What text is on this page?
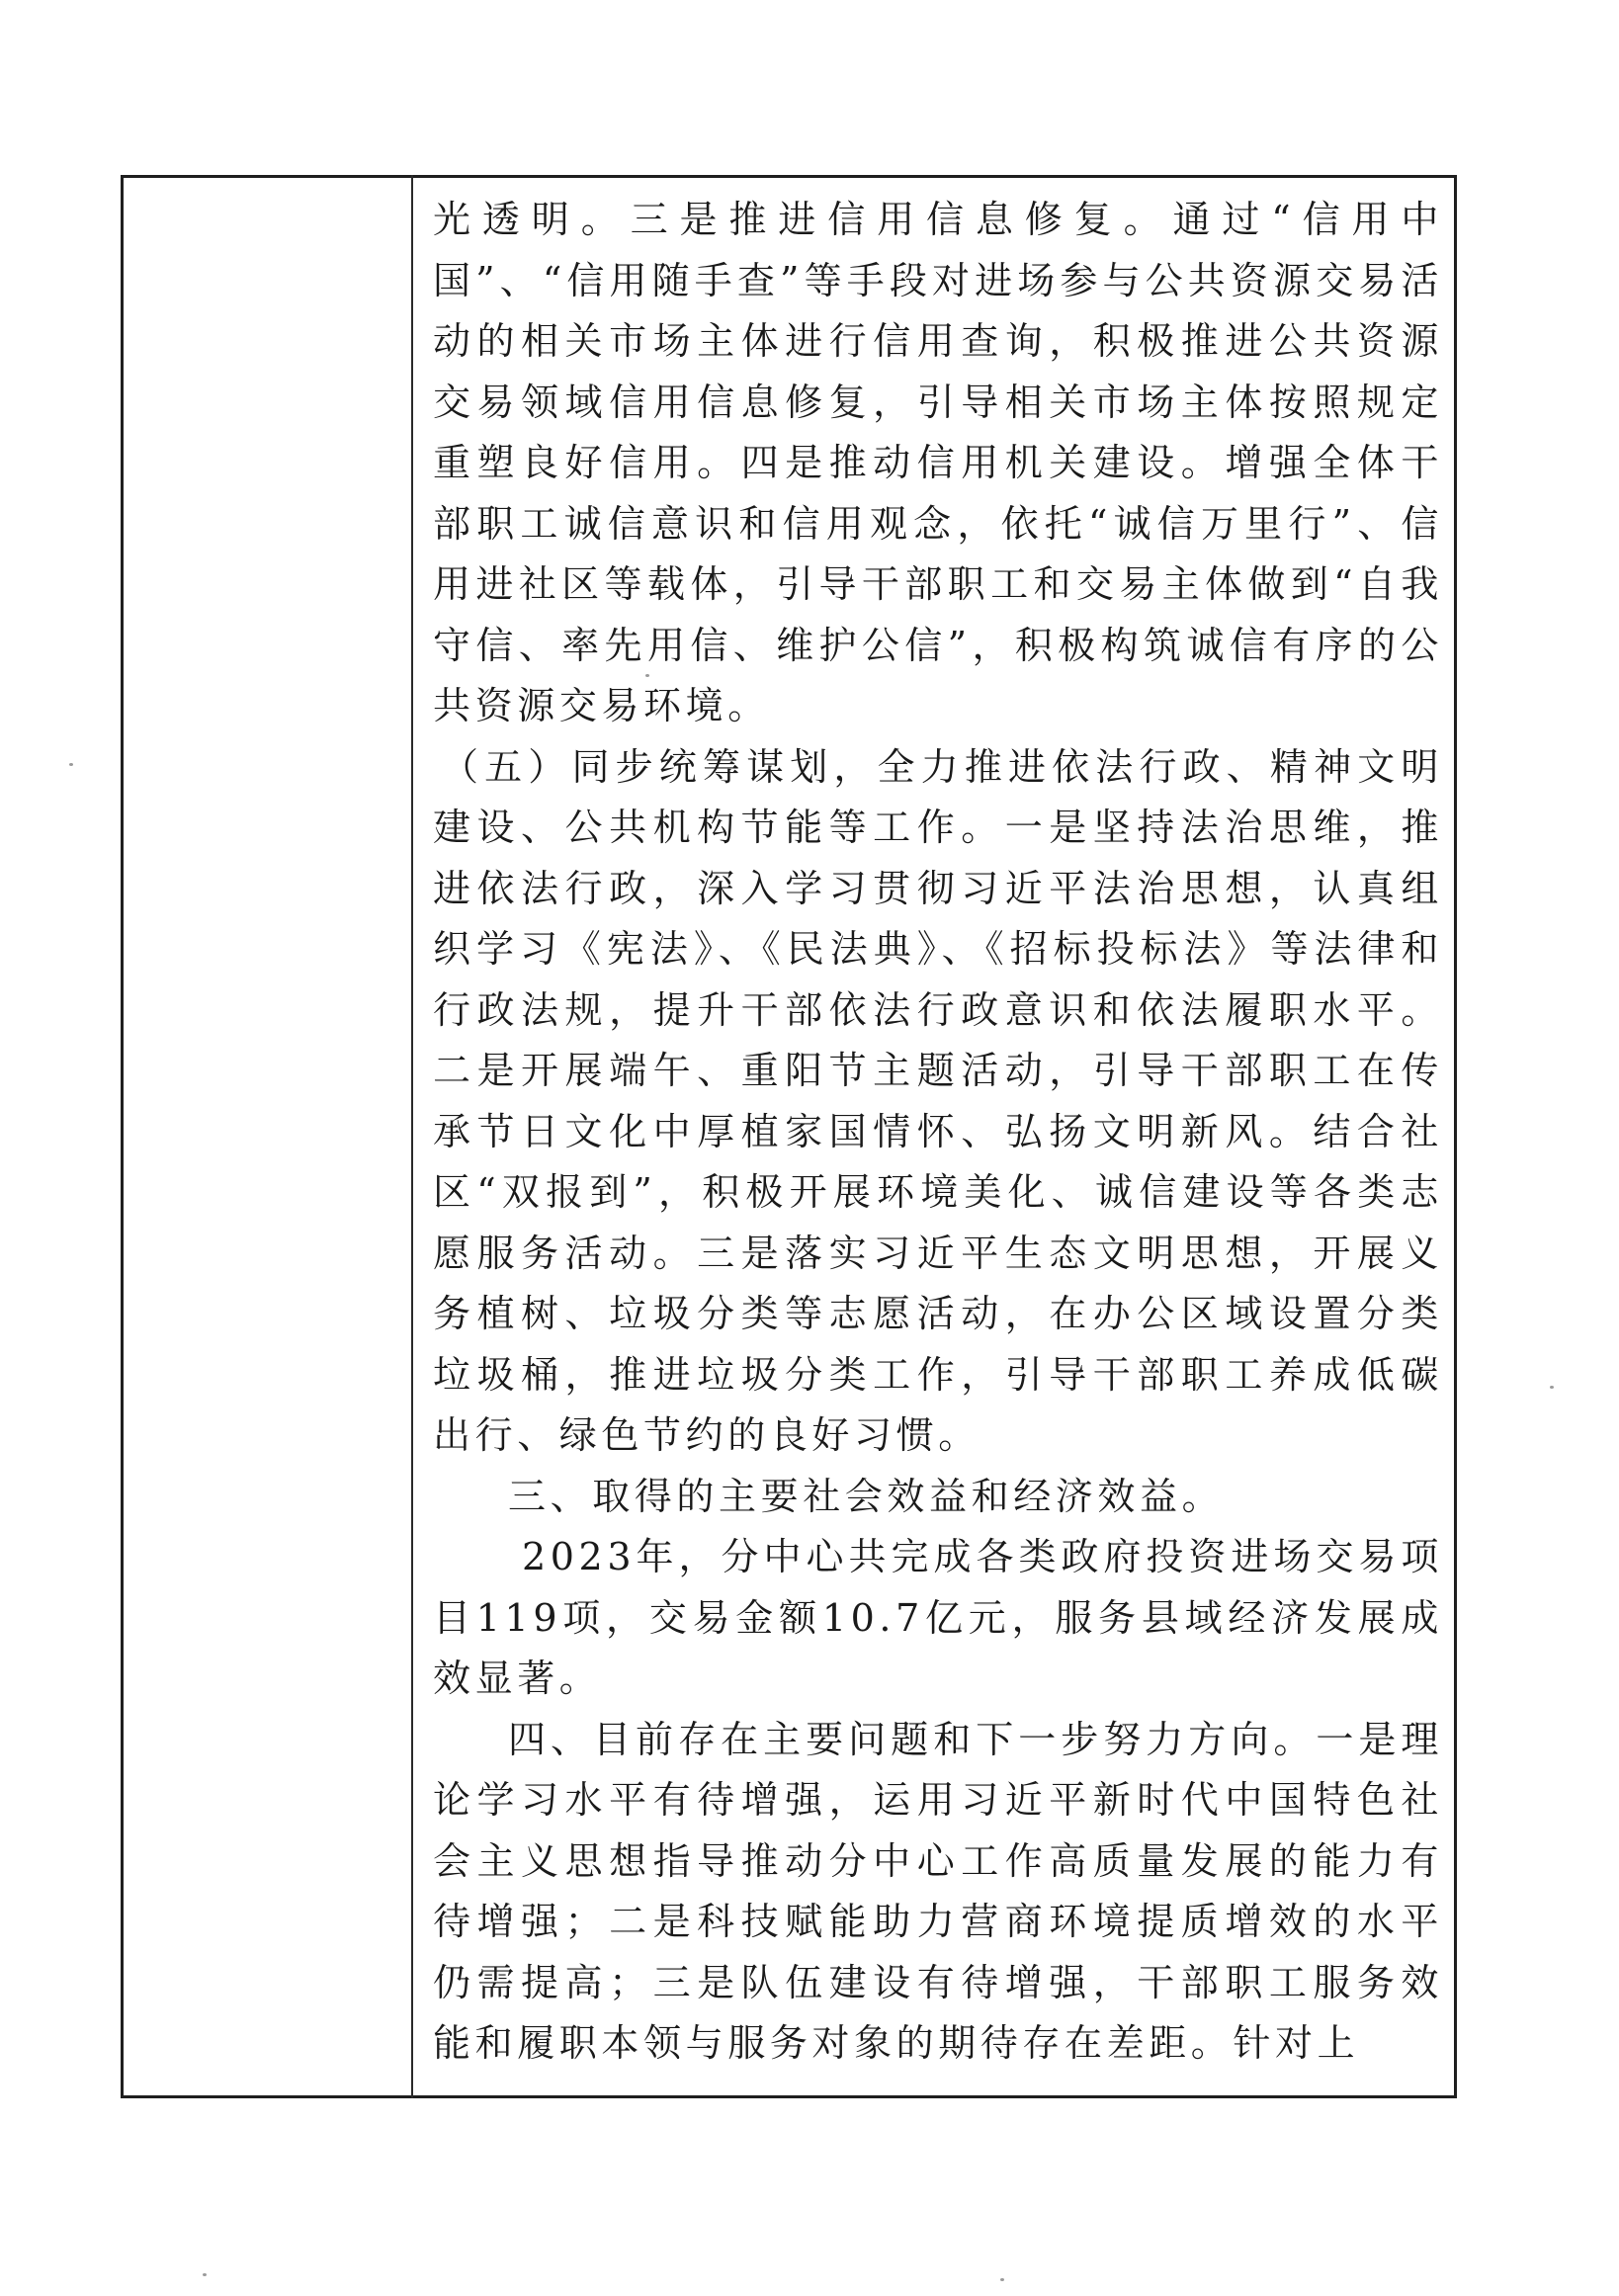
光透明。三是推进信用信息修复。通过“信用中国”、“信用随手查”等手段对进场参与公共资源交易活动的相关市场主体进行信用查询，积极推进公共资源交易领域信用信息修复，引导相关市场主体按照规定重塑良好信用。四是推动信用机关建设。增强全体干部职工诚信意识和信用观念，依托“诚信万里行”、信用进社区等载体，引导干部职工和交易主体做到“自我守信、率先用信、维护公信”，积极构筑诚信有序的公共资源交易环境。

（五）同步统筹谋划，全力推进依法行政、精神文明建设、公共机构节能等工作。一是坚持法治思维，推进依法行政，深入学习贯彻习近平法治思想，认真组织学习《宪法》、《民法典》、《招标投标法》等法律和行政法规，提升干部依法行政意识和依法履职水平。二是开展端午、重阳节主题活动，引导干部职工在传承节日文化中厚植家国情怀、弘扬文明新风。结合社区“双报到”，积极开展环境美化、诚信建设等各类志愿服务活动。三是落实习近平生态文明思想，开展义务植树、垃圾分类等志愿活动，在办公区域设置分类垃圾桶，推进垃圾分类工作，引导干部职工养成低碳出行、绿色节约的良好习惯。

三、取得的主要社会效益和经济效益。

2023年，分中心共完成各类政府投资进场交易项目119项，交易金额10.7亿元，服务县域经济发展成效显著。

四、目前存在主要问题和下一步努力方向。一是理论学习水平有待增强，运用习近平新时代中国特色社会主义思想指导推动分中心工作高质量发展的能力有待增强；二是科技赋能助力营商环境提质增效的水平仍需提高；三是队伍建设有待增强，干部职工服务效能和履职本领与服务对象的期待存在差距。针对上
